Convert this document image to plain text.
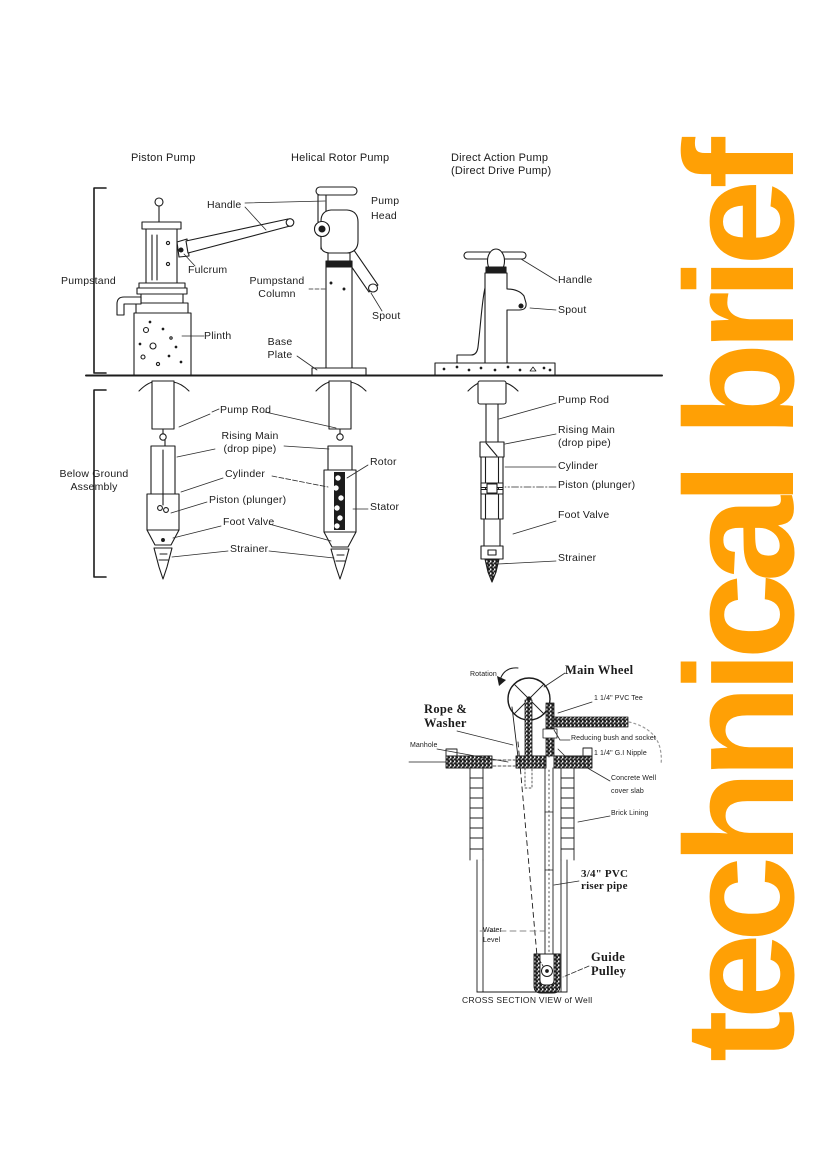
Piston Pump	Helical Rotor Pump	Direct Action Pump
(Direct Drive Pump)
Pumpstand
Below Ground
Assembly
Handle
Fulcrum
Plinth
Pumpstand
Column
Base
Plate
Pump
Head
Spout
Handle
Spout
Pump Rod
Rising Main
(drop pipe)
Cylinder
Piston (plunger)
Foot Valve
Strainer
Rotor
Stator
Pump Rod
Rising Main
(drop pipe)
Cylinder
Piston (plunger)
Foot Valve
Strainer
Rotation	Main Wheel
Rope &
Washer
Manhole
1 1/4" PVC Tee
Reducing bush and socket
1 1/4" G.I Nipple
Concrete Well
cover slab
Brick Lining
3/4" PVC
riser pipe
Water
Level
Guide
Pulley
CROSS SECTION VIEW of Well technical brief
